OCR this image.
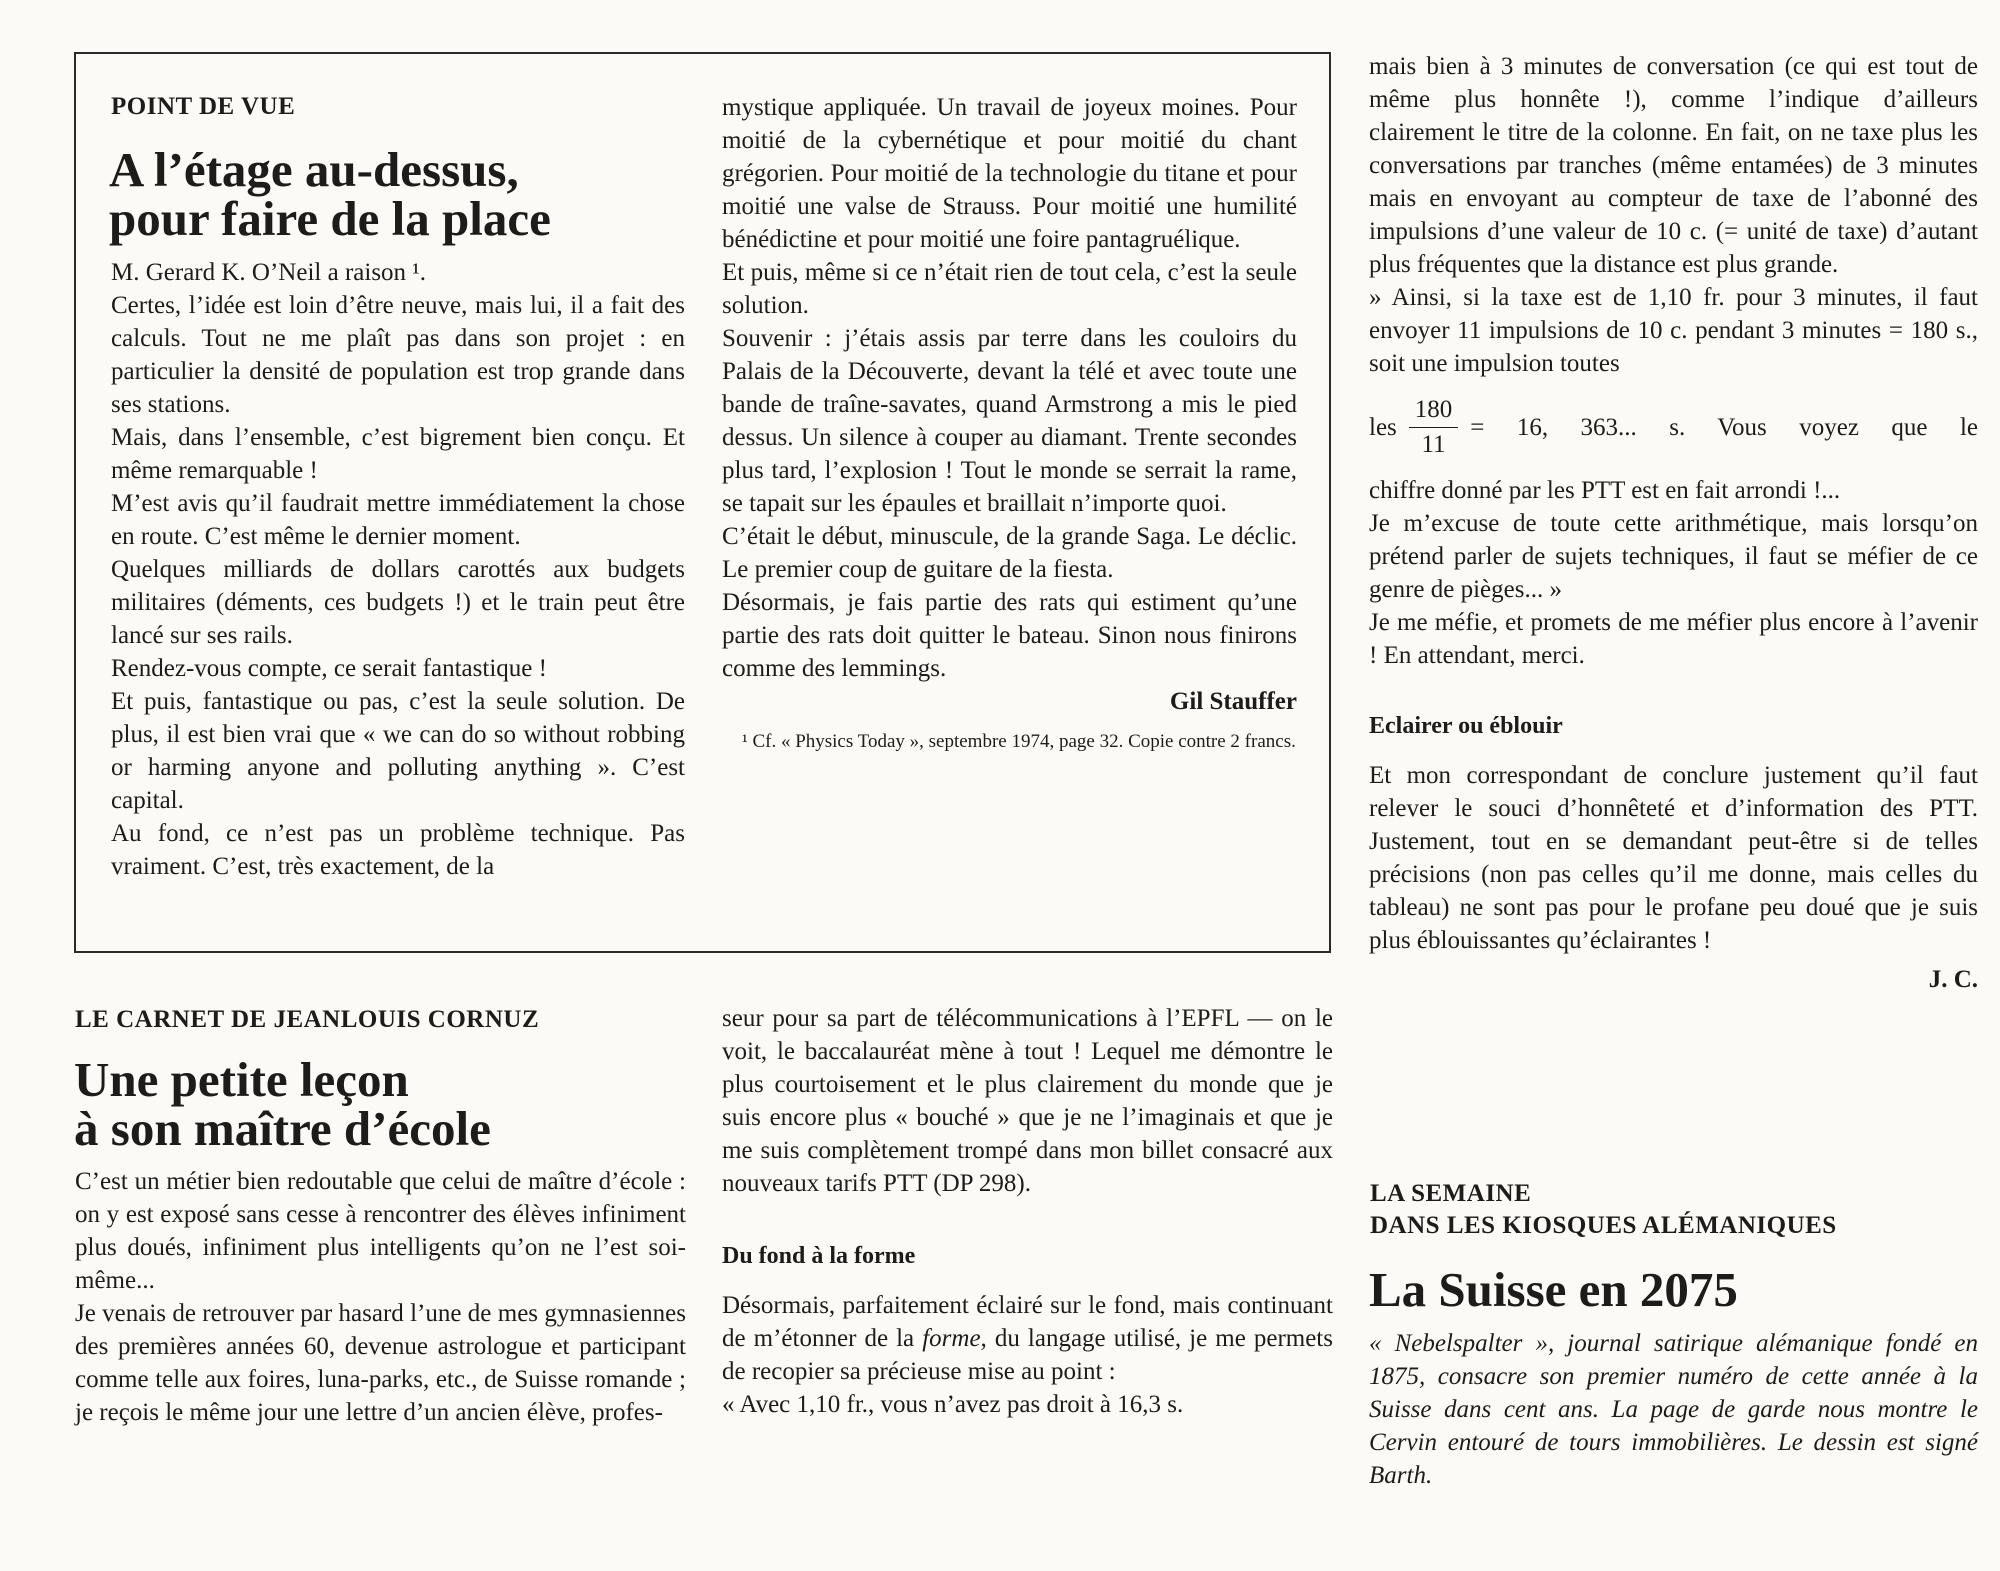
POINT DE VUE
A l’étage au-dessus,
pour faire de la place

M. Gerard K. O’Neil a raison ¹.

Certes, l’idée est loin d’être neuve, mais lui, il a fait des calculs. Tout ne me plaît pas dans son projet : en particulier la densité de population est trop grande dans ses stations.

Mais, dans l’ensemble, c’est bigrement bien conçu. Et même remarquable !

M’est avis qu’il faudrait mettre immédiatement la chose en route. C’est même le dernier moment.

Quelques milliards de dollars carottés aux budgets militaires (déments, ces budgets !) et le train peut être lancé sur ses rails.

Rendez-vous compte, ce serait fantastique !

Et puis, fantastique ou pas, c’est la seule solution. De plus, il est bien vrai que « we can do so without robbing or harming anyone and polluting anything ». C’est capital.

Au fond, ce n’est pas un problème technique. Pas vraiment. C’est, très exactement, de la

mystique appliquée. Un travail de joyeux moines. Pour moitié de la cybernétique et pour moitié du chant grégorien. Pour moitié de la technologie du titane et pour moitié une valse de Strauss. Pour moitié une humilité bénédictine et pour moitié une foire pantagruélique.

Et puis, même si ce n’était rien de tout cela, c’est la seule solution.

Souvenir : j’étais assis par terre dans les couloirs du Palais de la Découverte, devant la télé et avec toute une bande de traîne-savates, quand Armstrong a mis le pied dessus. Un silence à couper au diamant. Trente secondes plus tard, l’explosion ! Tout le monde se serrait la rame, se tapait sur les épaules et braillait n’importe quoi.

C’était le début, minuscule, de la grande Saga. Le déclic. Le premier coup de guitare de la fiesta.

Désormais, je fais partie des rats qui estiment qu’une partie des rats doit quitter le bateau. Sinon nous finirons comme des lemmings.

Gil Stauffer

¹ Cf. « Physics Today », septembre 1974, page 32. Copie contre 2 francs.

LE CARNET DE JEANLOUIS CORNUZ
Une petite leçon
à son maître d’école

C’est un métier bien redoutable que celui de maître d’école : on y est exposé sans cesse à rencontrer des élèves infiniment plus doués, infiniment plus intelligents qu’on ne l’est soi-même...

Je venais de retrouver par hasard l’une de mes gymnasiennes des premières années 60, devenue astrologue et participant comme telle aux foires, luna-parks, etc., de Suisse romande ; je reçois le même jour une lettre d’un ancien élève, profes-

seur pour sa part de télécommunications à l’EPFL — on le voit, le baccalauréat mène à tout ! Lequel me démontre le plus courtoisement et le plus clairement du monde que je suis encore plus « bouché » que je ne l’imaginais et que je me suis complètement trompé dans mon billet consacré aux nouveaux tarifs PTT (DP 298).

Du fond à la forme

Désormais, parfaitement éclairé sur le fond, mais continuant de m’étonner de la forme, du langage utilisé, je me permets de recopier sa précieuse mise au point :

« Avec 1,10 fr., vous n’avez pas droit à 16,3 s.

mais bien à 3 minutes de conversation (ce qui est tout de même plus honnête !), comme l’indique d’ailleurs clairement le titre de la colonne. En fait, on ne taxe plus les conversations par tranches (même entamées) de 3 minutes mais en envoyant au compteur de taxe de l’abonné des impulsions d’une valeur de 10 c. (= unité de taxe) d’autant plus fréquentes que la distance est plus grande.

» Ainsi, si la taxe est de 1,10 fr. pour 3 minutes, il faut envoyer 11 impulsions de 10 c. pendant 3 minutes = 180 s., soit une impulsion toutes

les $\frac{180}{11} = 16$, 363... s. Vous voyez que le

chiffre donné par les PTT est en fait arrondi !...

Je m’excuse de toute cette arithmétique, mais lorsqu’on prétend parler de sujets techniques, il faut se méfier de ce genre de pièges... »

Je me méfie, et promets de me méfier plus encore à l’avenir ! En attendant, merci.

Eclairer ou éblouir

Et mon correspondant de conclure justement qu’il faut relever le souci d’honnêteté et d’information des PTT. Justement, tout en se demandant peut-être si de telles précisions (non pas celles qu’il me donne, mais celles du tableau) ne sont pas pour le profane peu doué que je suis plus éblouissantes qu’éclairantes !

J. C.

LA SEMAINE
DANS LES KIOSQUES ALÉMANIQUES
La Suisse en 2075

« Nebelspalter », journal satirique alémanique fondé en 1875, consacre son premier numéro de cette année à la Suisse dans cent ans. La page de garde nous montre le Cervin entouré de tours immobilières. Le dessin est signé Barth.
